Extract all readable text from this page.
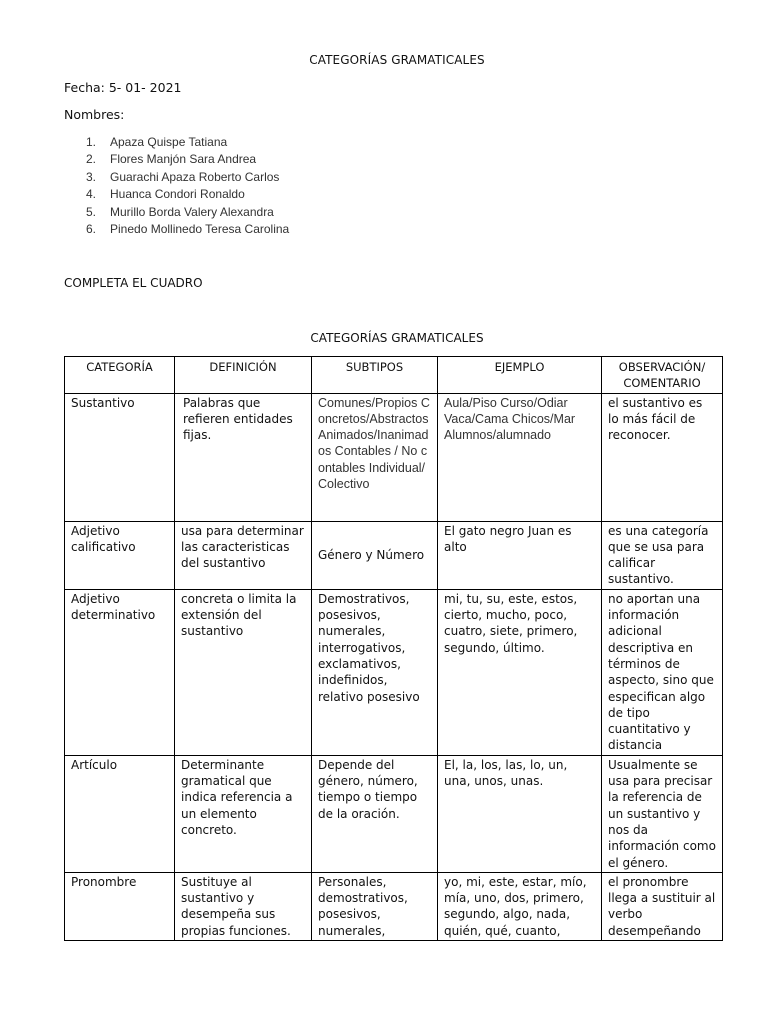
CATEGORÍAS GRAMATICALES
Fecha: 5- 01- 2021
Nombres:
1. Apaza Quispe Tatiana
2. Flores Manjón Sara Andrea
3. Guarachi Apaza Roberto Carlos
4. Huanca Condori Ronaldo
5. Murillo Borda Valery Alexandra
6. Pinedo Mollinedo Teresa Carolina
COMPLETA EL CUADRO
CATEGORÍAS GRAMATICALES
CATEGORÍA	DEFINICIÓN	SUBTIPOS	EJEMPLO	OBSERVACIÓN/ COMENTARIO
Sustantivo	Palabras que refieren entidades fijas.	Comunes/Propios Concretos/Abstractos Animados/Inanimados Contables / No contables Individual/ Colectivo	Aula/Piso Curso/Odiar Vaca/Cama Chicos/Mar Alumnos/alumnado	el sustantivo es lo más fácil de reconocer.
Adjetivo calificativo	usa para determinar las caracteristicas del sustantivo	Género y Número	El gato negro Juan es alto	es una categoría que se usa para calificar sustantivo.
Adjetivo determinativo	concreta o limita la extensión del sustantivo	Demostrativos, posesivos, numerales, interrogativos, exclamativos, indefinidos, relativo posesivo	mi, tu, su, este, estos, cierto, mucho, poco, cuatro, siete, primero, segundo, último.	no aportan una información adicional descriptiva en términos de aspecto, sino que especifican algo de tipo cuantitativo y distancia
Artículo	Determinante gramatical que indica referencia a un elemento concreto.	Depende del género, número, tiempo o tiempo de la oración.	El, la, los, las, lo, un, una, unos, unas.	Usualmente se usa para precisar la referencia de un sustantivo y nos da información como el género.
Pronombre	Sustituye al sustantivo y desempeña sus propias funciones.	Personales, demostrativos, posesivos, numerales,	yo, mi, este, estar, mío, mía, uno, dos, primero, segundo, algo, nada, quién, qué, cuanto,	el pronombre llega a sustituir al verbo desempeñando
